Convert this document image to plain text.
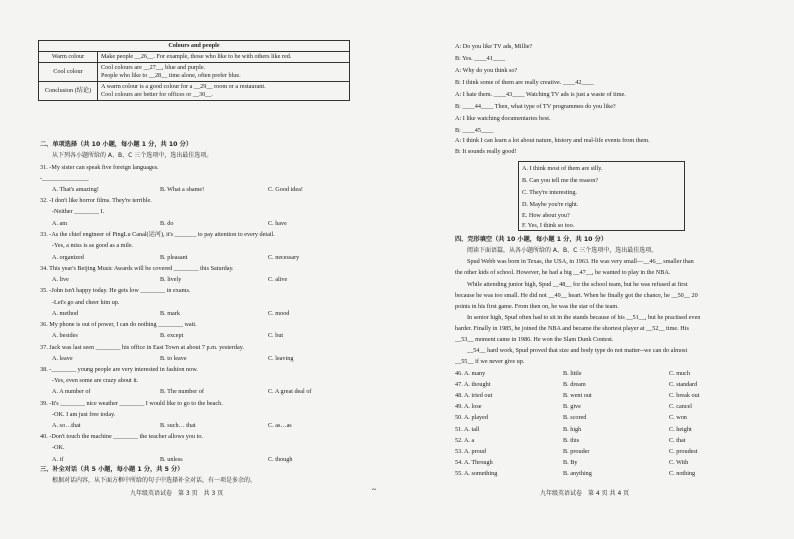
Colours and people	
Warm colour	Make people __26__. For example, those who like to be with others like red.
Cool colour	Cool colours are __27__, blue and purple.
People who like to __28__ time alone, often prefer blue.

Conclusion (结论)	A warm colour is a good colour for a __29__ room or a restaurant.
Cool colours are better for offices or __30__.
二、单项选择（共 10 小题，每小题 1 分，共 10 分）
从下列各小题所给的 A、B、C 三个选项中，选出最佳选项。
31. -My sister can speak five foreign languages.
-_______________
A. That's amazing!	B. What a shame!	C. Good idea!
32. -I don't like horror films. They're terrible.
-Neither ________ I.
A. am	B. do	C. have
33. -As the chief engineer of PingLu Canal(运河), it's _______ to pay attention to every detail.
-Yes, a miss is as good as a mile.
A. organized	B. pleasant	C. necessary
34. This year's Beijing Music Awards will be covered ________ this Saturday.
A. live	B. lively	C. alive
35. -John isn't happy today. He gets low ________ in exams.
-Let's go and cheer him up.
A. method	B. mark	C. mood
36. My phone is out of power, I can do nothing ________ wait.
A. besides	B. except	C. but
37. Jack was last seen ________ his office in East Town at about 7 p.m. yesterday.
A. leave	B. to leave	C. leaving
38. -________ young people are very interested in fashion now.
-Yes, even some are crazy about it.
A. A number of	B. The number of	C. A great deal of
39. -It's ________ nice weather ________ I would like to go to the beach.
-OK. I am just free today.
A. so…that	B. such… that	C. as…as
40. -Don't touch the machine ________ the teacher allows you to.
-OK.
A. if	B. unless	C. though
三、补全对话（共 5 小题，每小题 1 分，共 5 分）
根据对话内容，从下面方框中所给的句子中选择补全对话，有一项是多余的。
九年级英语试卷　第 3 页　共 3 页
A: Do you like TV ads, Millie?
B: Yes. ____41____
A: Why do you think so?
B: I think some of them are really creative. ____42____
A: I hate them. ____43____ Watching TV ads is just a waste of time.
B: ____44____ Then, what type of TV programmes do you like?
A: I like watching documentaries best.
B: ____45____
A: I think I can learn a lot about nature, history and real-life events from them.
B: It sounds really good!
A. I think most of them are silly.
B. Can you tell me the reason?
C. They're interesting.
D. Maybe you're right.
E. How about you?
F. Yes, I think so too.
四、完形填空（共 10 小题，每小题 1 分，共 10 分）
阅读下面语篇，从各小题所给的 A、B、C 三个选项中，选出最佳选项。
Spud Webb was born in Texas, the USA, in 1963. He was very small—__46__ smaller than
the other kids of school. However, he had a big __47__, he wanted to play in the NBA.
While attending junior high, Spud __48__ for the school team, but he was refused at first
because he was too small. He did not __49__ heart. When he finally got the chance, he __50__ 20
points in his first game. From then on, he was the star of the team.
In senior high, Spud often had to sit in the stands because of his __51__, but he practised even
harder. Finally in 1985, he joined the NBA and became the shortest player at __52__ time. His
__53__ moment came in 1986. He won the Slam Dunk Contest.
__54__ hard work, Spud proved that size and body type do not matter--we can do almost
__55__ if we never give up.
46. A. many	B. little	C. much
47. A. thought	B. dream	C. standard
48. A. tried out	B. went out	C. break out
49. A. lose	B. give	C. cancel
50. A. played	B. scored	C. won
51. A. tall	B. high	C. height
52. A. a	B. this	C. that
53. A. proud	B. prouder	C. proudest
54. A. Through	B. By	C. With
55. A. something	B. anything	C. nothing
九年级英语试卷　第 4 页 共 4 页
~
